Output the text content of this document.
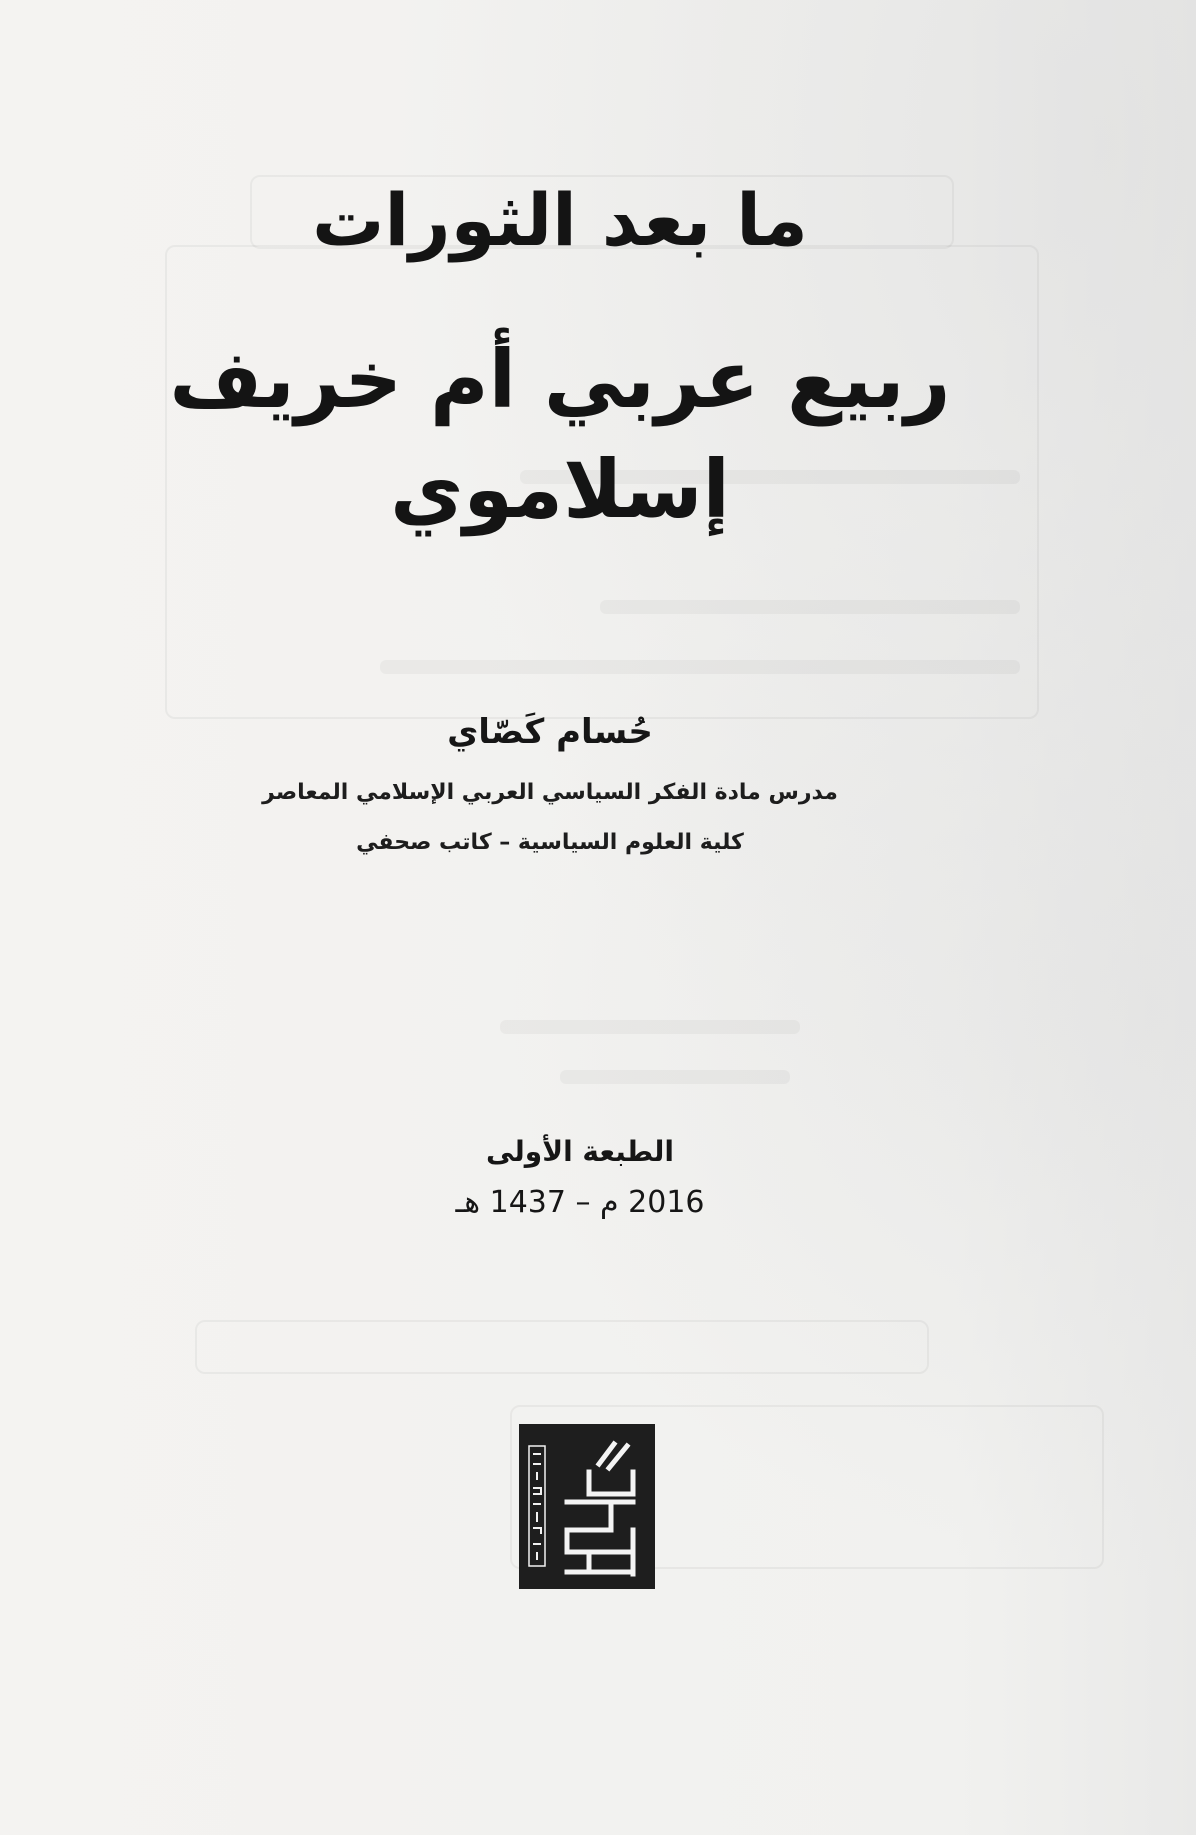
ما بعد الثورات

ربيع عربي أم خريف إسلاموي

حُسام كَصّاي

مدرس مادة الفكر السياسي العربي الإسلامي المعاصر

كلية العلوم السياسية – كاتب صحفي

الطبعة الأولى

2016 م – 1437 هـ
